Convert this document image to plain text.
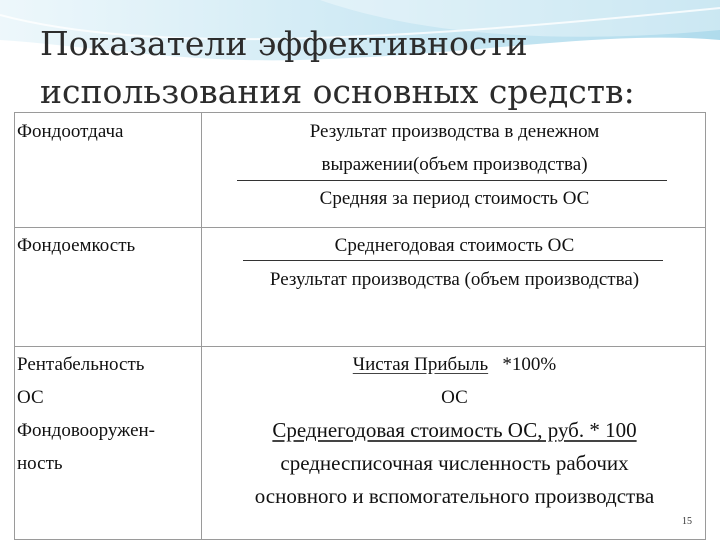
Показатели эффективности
использования основных средств:
Фондоотдача	Результат производства в денежном
выражении(объем производства)
Средняя за период стоимость ОС
Фондоемкость	Среднегодовая стоимость ОС
Результат производства (объем производства)
Рентабельность
ОС
Чистая Прибыль *100%
ОС
Фондовооружен-
ность
Среднегодовая стоимость ОС, руб. * 100
среднесписочная численность рабочих
основного и вспомогательного производства
15
